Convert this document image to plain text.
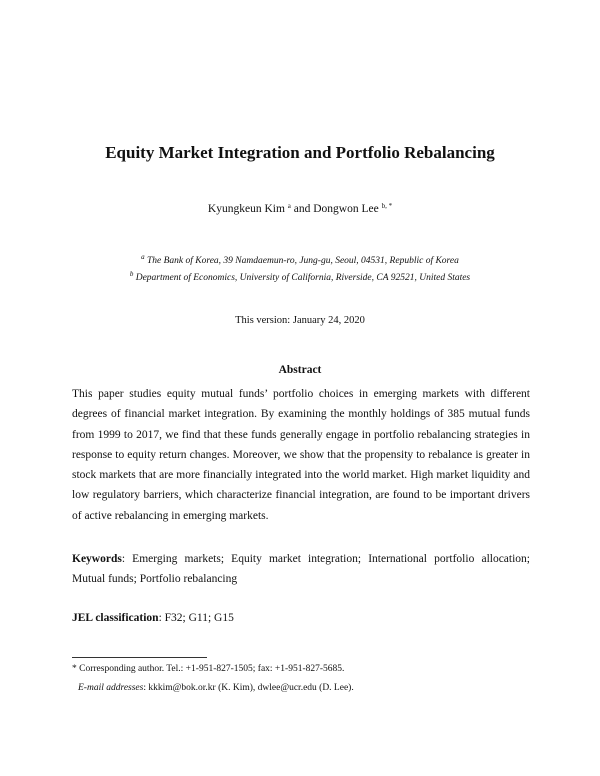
Equity Market Integration and Portfolio Rebalancing
Kyungkeun Kim $^a$ and Dongwon Lee $^{b, *}$
$^a$ The Bank of Korea, 39 Namdaemun-ro, Jung-gu, Seoul, 04531, Republic of Korea
$^b$ Department of Economics, University of California, Riverside, CA 92521, United States
This version: January 24, 2020
Abstract

This paper studies equity mutual funds’ portfolio choices in emerging markets with different degrees of financial market integration. By examining the monthly holdings of 385 mutual funds from 1999 to 2017, we find that these funds generally engage in portfolio rebalancing strategies in response to equity return changes. Moreover, we show that the propensity to rebalance is greater in stock markets that are more financially integrated into the world market. High market liquidity and low regulatory barriers, which characterize financial integration, are found to be important drivers of active rebalancing in emerging markets.

Keywords: Emerging markets; Equity market integration; International portfolio allocation; Mutual funds; Portfolio rebalancing

JEL classification: F32; G11; G15
* Corresponding author. Tel.: +1-951-827-1505; fax: +1-951-827-5685.
E-mail addresses: kkkim@bok.or.kr (K. Kim), dwlee@ucr.edu (D. Lee).
